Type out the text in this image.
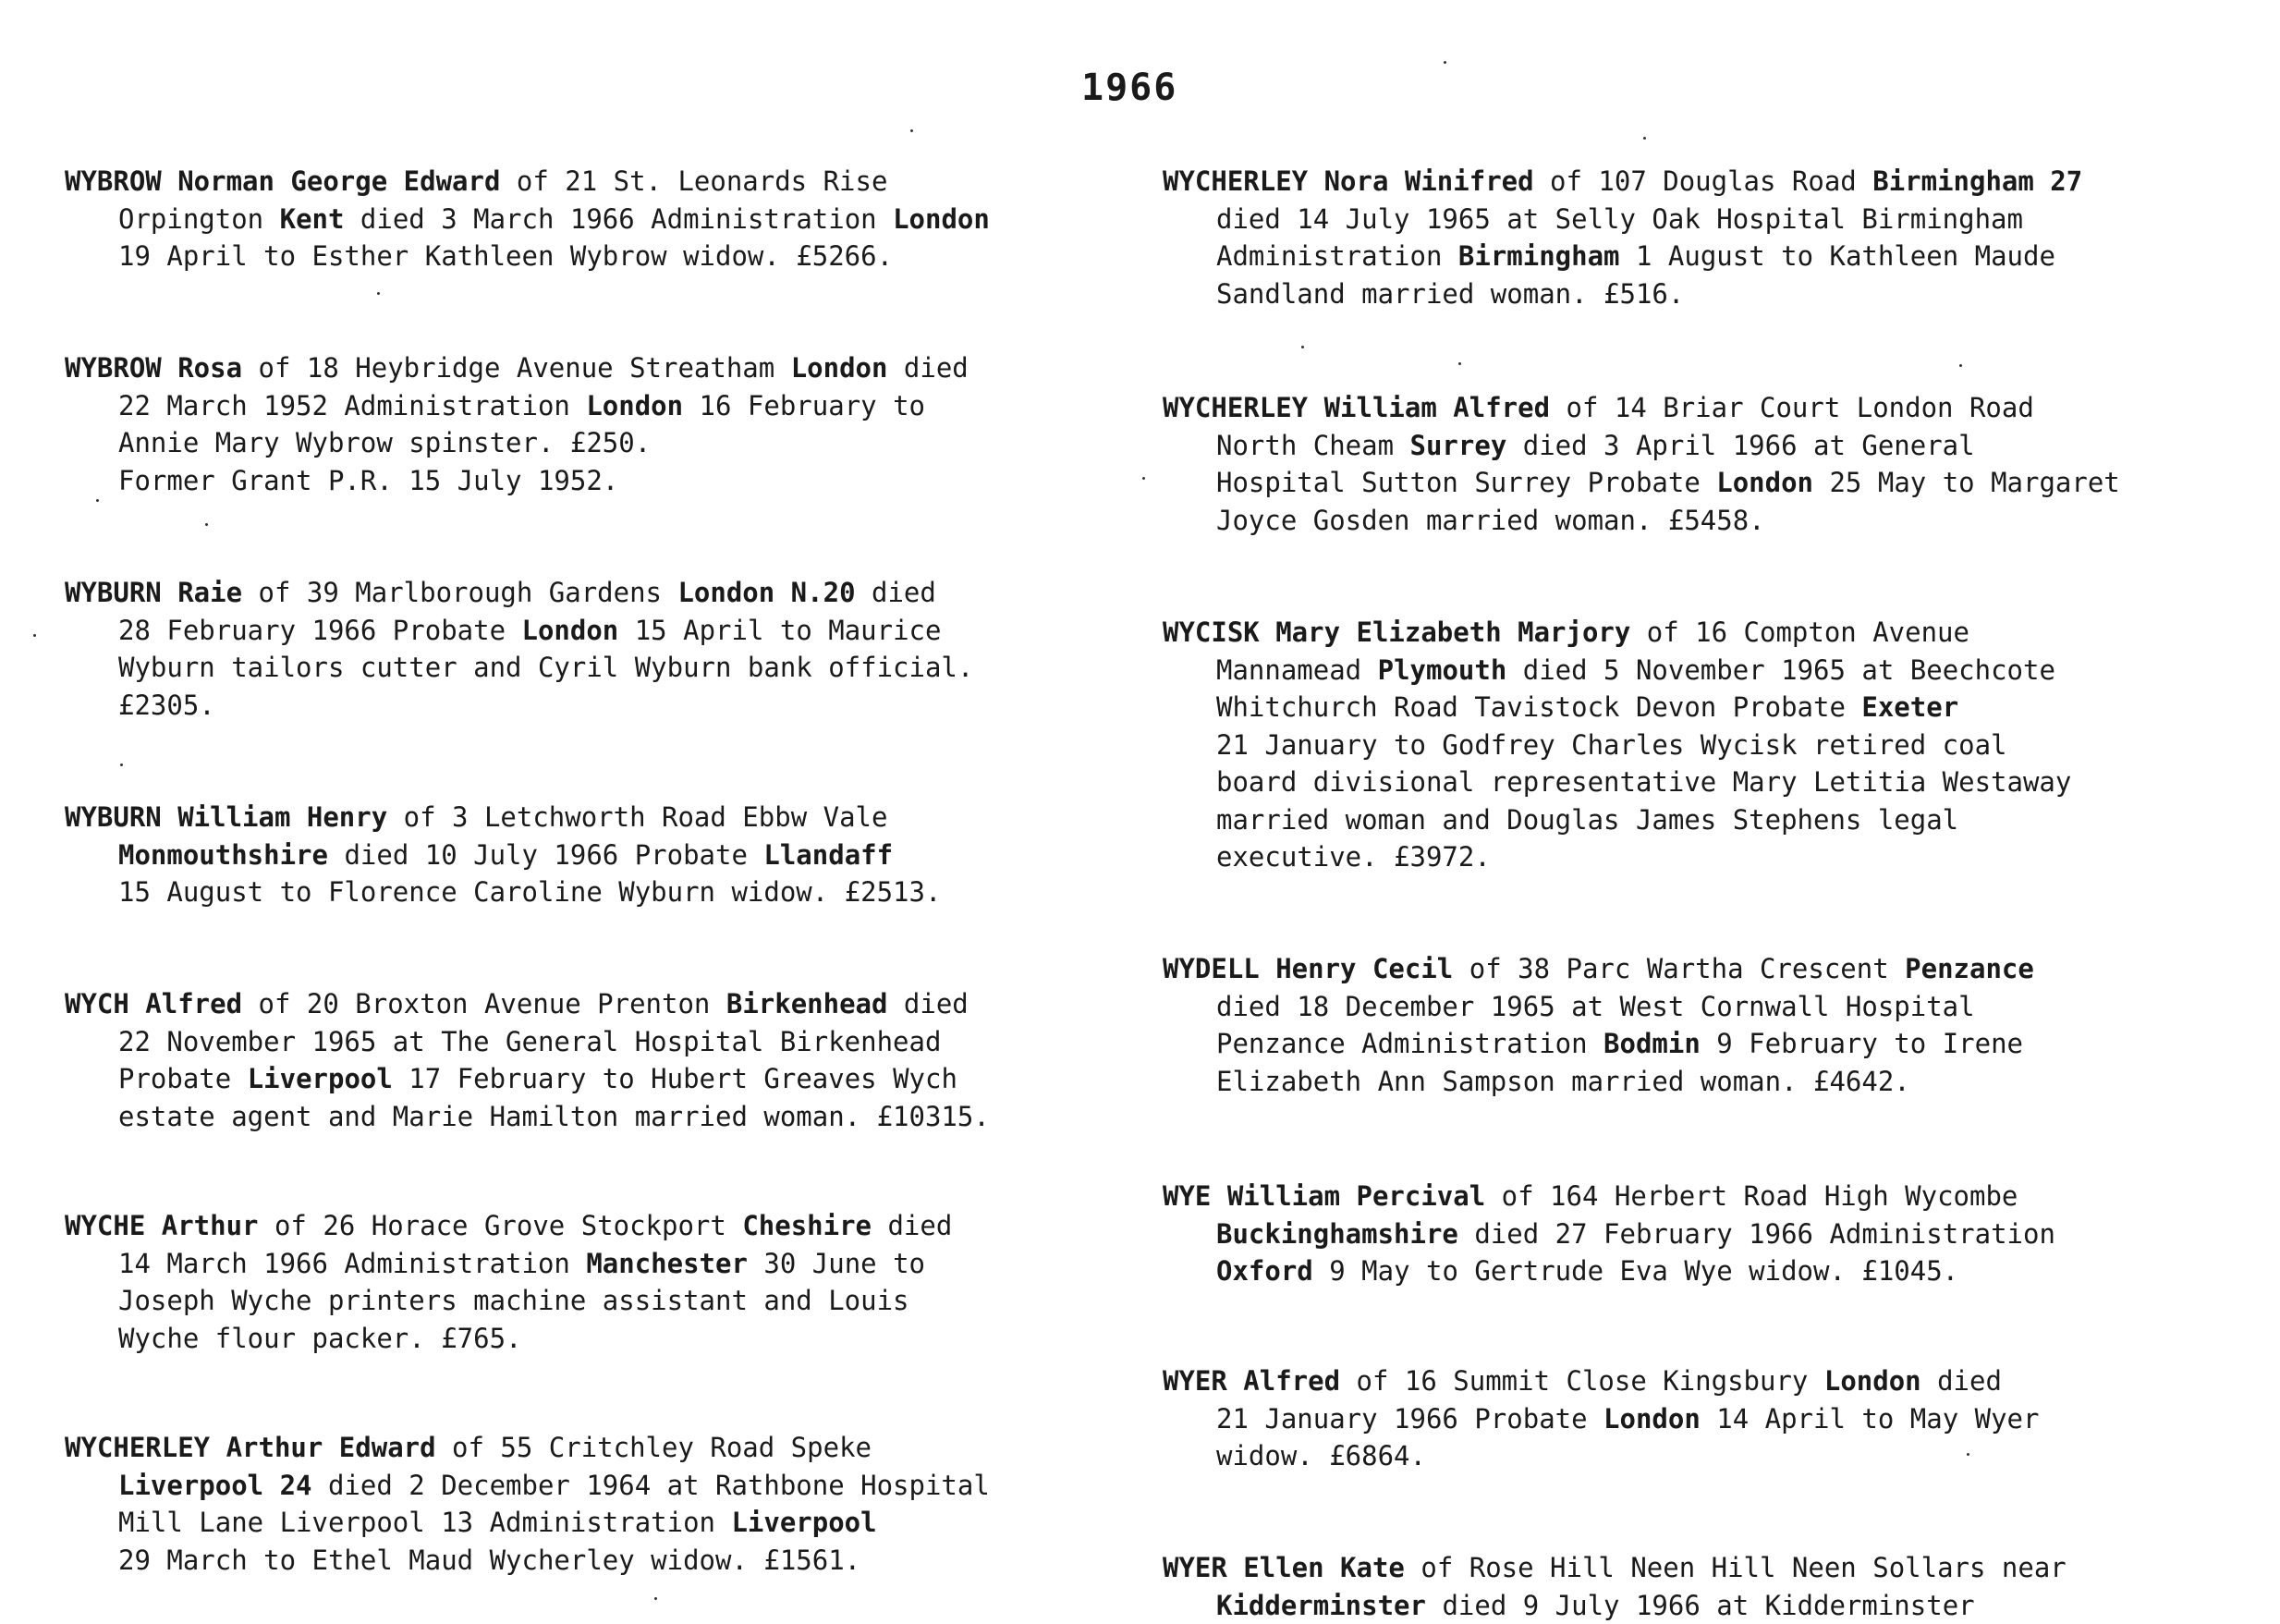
1966
WYBROW Norman George Edward of 21 St. Leonards Rise
Orpington Kent died 3 March 1966 Administration London
19 April to Esther Kathleen Wybrow widow. £5266.
WYBROW Rosa of 18 Heybridge Avenue Streatham London died
22 March 1952 Administration London 16 February to
Annie Mary Wybrow spinster. £250.
Former Grant P.R. 15 July 1952.
WYBURN Raie of 39 Marlborough Gardens London N.20 died
28 February 1966 Probate London 15 April to Maurice
Wyburn tailors cutter and Cyril Wyburn bank official.
£2305.
WYBURN William Henry of 3 Letchworth Road Ebbw Vale
Monmouthshire died 10 July 1966 Probate Llandaff
15 August to Florence Caroline Wyburn widow. £2513.
WYCH Alfred of 20 Broxton Avenue Prenton Birkenhead died
22 November 1965 at The General Hospital Birkenhead
Probate Liverpool 17 February to Hubert Greaves Wych
estate agent and Marie Hamilton married woman. £10315.
WYCHE Arthur of 26 Horace Grove Stockport Cheshire died
14 March 1966 Administration Manchester 30 June to
Joseph Wyche printers machine assistant and Louis
Wyche flour packer. £765.
WYCHERLEY Arthur Edward of 55 Critchley Road Speke
Liverpool 24 died 2 December 1964 at Rathbone Hospital
Mill Lane Liverpool 13 Administration Liverpool
29 March to Ethel Maud Wycherley widow. £1561.
WYCHERLEY Nora Winifred of 107 Douglas Road Birmingham 27
died 14 July 1965 at Selly Oak Hospital Birmingham
Administration Birmingham 1 August to Kathleen Maude
Sandland married woman. £516.
WYCHERLEY William Alfred of 14 Briar Court London Road
North Cheam Surrey died 3 April 1966 at General
Hospital Sutton Surrey Probate London 25 May to Margaret
Joyce Gosden married woman. £5458.
WYCISK Mary Elizabeth Marjory of 16 Compton Avenue
Mannamead Plymouth died 5 November 1965 at Beechcote
Whitchurch Road Tavistock Devon Probate Exeter
21 January to Godfrey Charles Wycisk retired coal
board divisional representative Mary Letitia Westaway
married woman and Douglas James Stephens legal
executive. £3972.
WYDELL Henry Cecil of 38 Parc Wartha Crescent Penzance
died 18 December 1965 at West Cornwall Hospital
Penzance Administration Bodmin 9 February to Irene
Elizabeth Ann Sampson married woman. £4642.
WYE William Percival of 164 Herbert Road High Wycombe
Buckinghamshire died 27 February 1966 Administration
Oxford 9 May to Gertrude Eva Wye widow. £1045.
WYER Alfred of 16 Summit Close Kingsbury London died
21 January 1966 Probate London 14 April to May Wyer
widow. £6864.
WYER Ellen Kate of Rose Hill Neen Hill Neen Sollars near
Kidderminster died 9 July 1966 at Kidderminster
